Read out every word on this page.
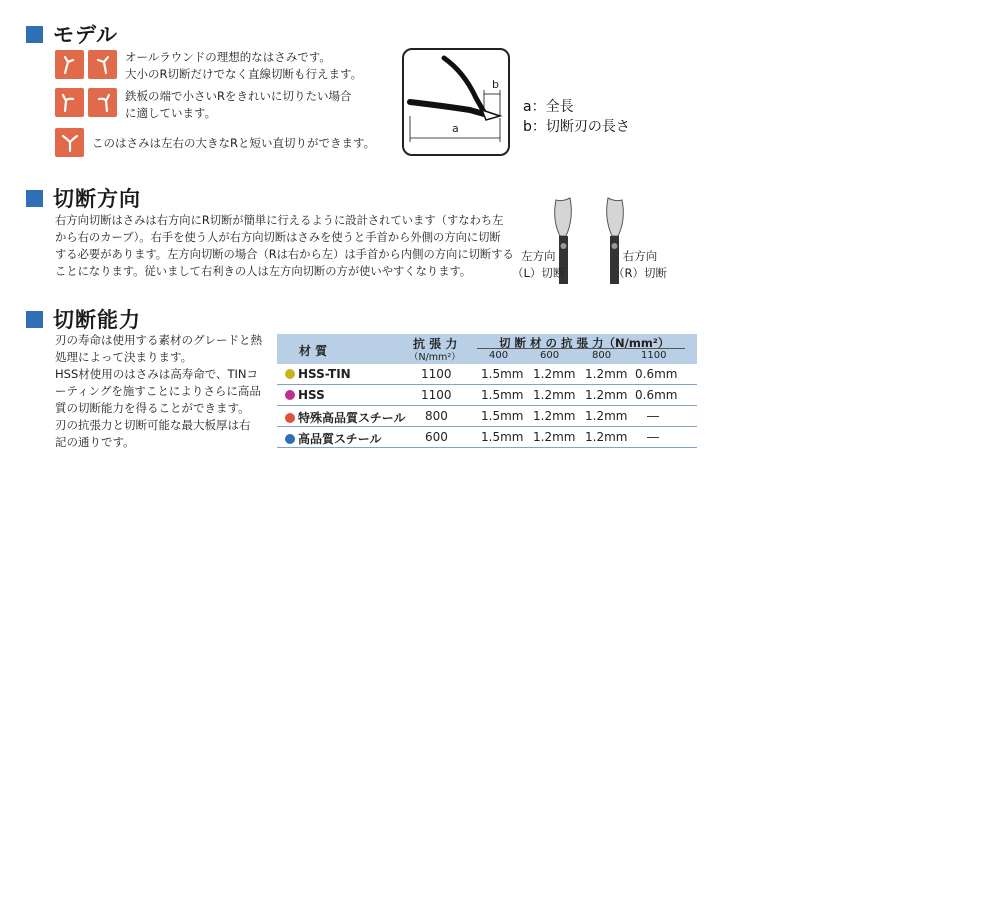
モデル
オールラウンドの理想的なはさみです。
大小のR切断だけでなく直線切断も行えます。
鉄板の端で小さいRをきれいに切りたい場合
に適しています。
このはさみは左右の大きなRと短い直切りができます。
a
b
a：全長
b：切断刃の長さ
切断方向
右方向切断はさみは右方向にR切断が簡単に行えるように設計されています（すなわち左
から右のカーブ）。右手を使う人が右方向切断はさみを使うと手首から外側の方向に切断
する必要があります。左方向切断の場合（Rは右から左）は手首から内側の方向に切断する
ことになります。従いまして右利きの人は左方向切断の方が使いやすくなります。
左方向
（L）切断
右方向
（R）切断
切断能力
刃の寿命は使用する素材のグレードと熱
処理によって決まります。
HSS材使用のはさみは高寿命で、TINコ
ーティングを施すことによりさらに高品
質の切断能力を得ることができます。
刃の抗張力と切断可能な最大板厚は右
記の通りです。
材 質	抗 張 力
（N/mm²）
切 断 材 の 抗 張 力（N/mm²）
400	600	800	1100
HSS-TIN	1100 1.5mm 1.2mm 1.2mm 0.6mm
HSS	1100 1.5mm 1.2mm 1.2mm 0.6mm
特殊高品質スチール 800	1.5mm 1.2mm 1.2mm ―
高品質スチール	600	1.5mm 1.2mm 1.2mm ―
